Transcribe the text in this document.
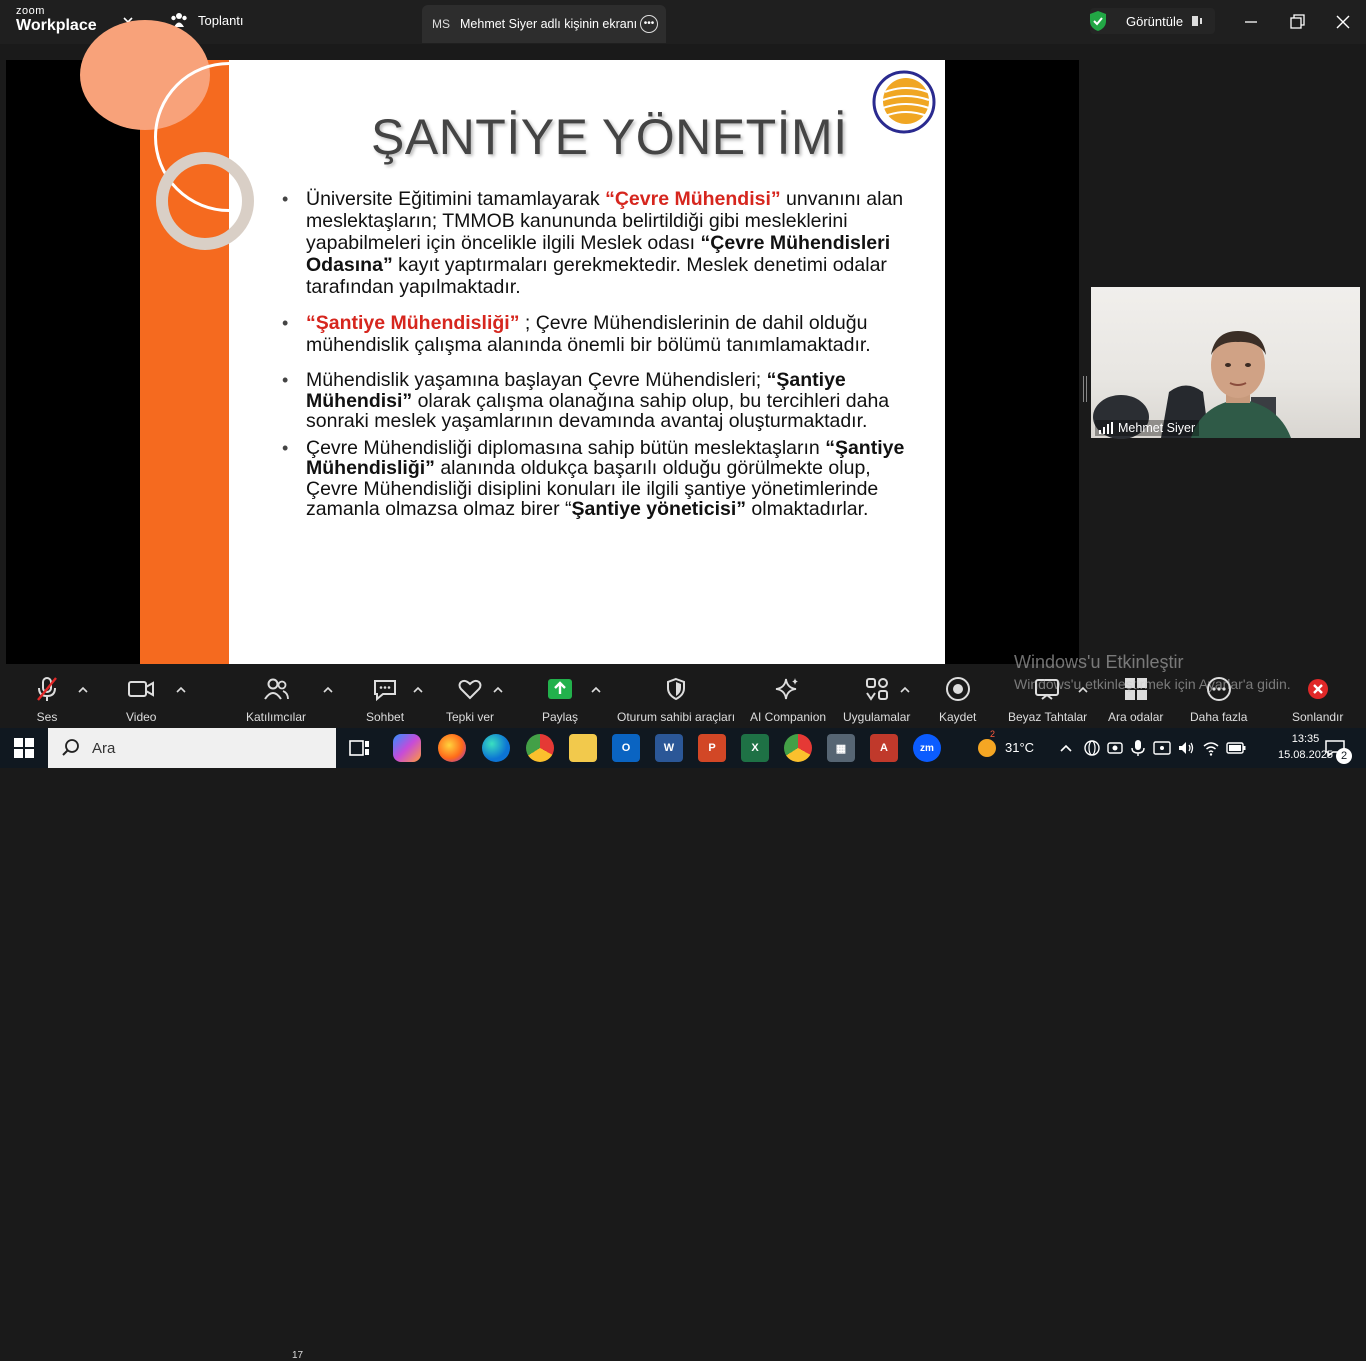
zoom
Workplace	Toplantı	MS Mehmet Siyer adlı kişinin ekranı •••	Görüntüle
ŞANTİYE YÖNETİMİ
• Üniversite Eğitimini tamamlayarak “Çevre Mühendisi” unvanını alan meslektaşların; TMMOB kanununda belirtildiği gibi mesleklerini yapabilmeleri için öncelikle ilgili Meslek odası “Çevre Mühendisleri Odasına” kayıt yaptırmaları gerekmektedir. Meslek denetimi odalar tarafından yapılmaktadır.
• “Şantiye Mühendisliği” ; Çevre Mühendislerinin de dahil olduğu mühendislik çalışma alanında önemli bir bölümü tanımlamaktadır.
• Mühendislik yaşamına başlayan Çevre Mühendisleri; “Şantiye Mühendisi” olarak çalışma olanağına sahip olup, bu tercihleri daha sonraki meslek yaşamlarının devamında avantaj oluşturmaktadır.
• Çevre Mühendisliği diplomasına sahip bütün meslektaşların “Şantiye Mühendisliği” alanında oldukça başarılı olduğu görülmekte olup, Çevre Mühendisliği disiplini konuları ile ilgili şantiye yönetimlerinde zamanla olmazsa olmaz birer “Şantiye yöneticisi” olmaktadırlar.
Mehmet Siyer
Ses	Video	Katılımcılar
17
Sohbet	Tepki ver	Paylaş	Oturum sahibi araçları AI Companion Uygulamalar Kaydet	Beyaz Tahtalar Ara odalar Daha fazla	Sonlandır
Windows'u Etkinleştir
Windows'u etkinleştirmek için Ayarlar'a gidin.
Ara	O	W	P	X	▦	A	zm
2
31°C
13:35
15.08.2025 2
